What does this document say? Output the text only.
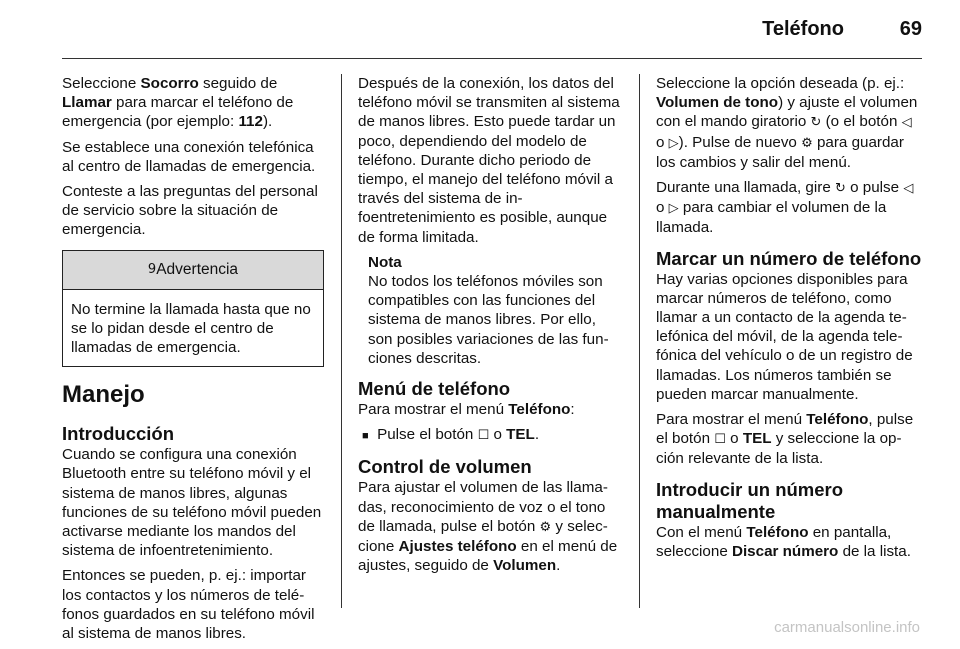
Teléfono	69

Seleccione Socorro seguido de Llamar para marcar el teléfono de emergencia (por ejemplo: 112).

Se establece una conexión telefónica al centro de llamadas de emergencia.

Conteste a las preguntas del personal de servicio sobre la situación de emergencia.

9 Advertencia
No termine la llamada hasta que no se lo pidan desde el centro de llamadas de emergencia.
Manejo
Introducción

Cuando se configura una conexión Bluetooth entre su teléfono móvil y el sistema de manos libres, algunas funciones de su teléfono móvil pueden activarse mediante los mandos del sistema de infoentretenimiento.

Entonces se pueden, p. ej.: importar los contactos y los números de teléfonos guardados en su teléfono móvil al sistema de manos libres.

Después de la conexión, los datos del teléfono móvil se transmiten al sistema de manos libres. Esto puede tardar un poco, dependiendo del modelo de teléfono. Durante dicho periodo de tiempo, el manejo del teléfono móvil a través del sistema de infoentretenimiento es posible, aunque de forma limitada.

Nota
No todos los teléfonos móviles son compatibles con las funciones del sistema de manos libres. Por ello, son posibles variaciones de las funciones descritas.
Menú de teléfono

Para mostrar el menú Teléfono:

■ Pulse el botón ☐ o TEL.

Control de volumen

Para ajustar el volumen de las llamadas, reconocimiento de voz o el tono de llamada, pulse el botón ⚙ y seleccione Ajustes teléfono en el menú de ajustes, seguido de Volumen.

Seleccione la opción deseada (p. ej.: Volumen de tono) y ajuste el volumen con el mando giratorio ↻ (o el botón ◁ o ▷). Pulse de nuevo ⚙ para guardar los cambios y salir del menú.

Durante una llamada, gire ↻ o pulse ◁ o ▷ para cambiar el volumen de la llamada.

Marcar un número de teléfono

Hay varias opciones disponibles para marcar números de teléfono, como llamar a un contacto de la agenda telefónica del móvil, de la agenda telefónica del vehículo o de un registro de llamadas. Los números también se pueden marcar manualmente.

Para mostrar el menú Teléfono, pulse el botón ☐ o TEL y seleccione la opción relevante de la lista.

Introducir un número manualmente

Con el menú Teléfono en pantalla, seleccione Discar número de la lista.

carmanualsonline.info
